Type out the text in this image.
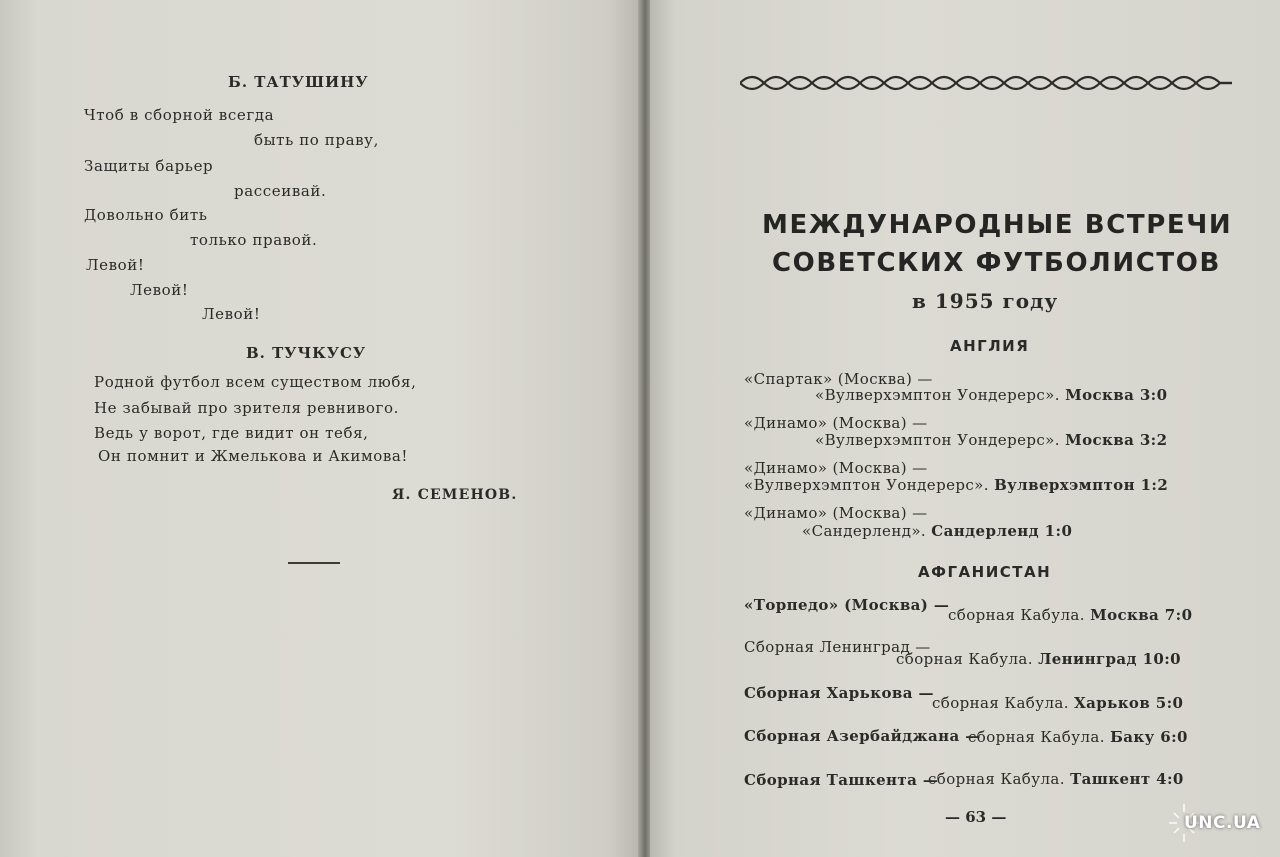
Б. ТАТУШИНУ
Чтоб в сборной всегда
быть по праву,
Защиты барьер
рассеивай.
Довольно бить
только правой.
Левой!
Левой!
Левой!
В. ТУЧКУСУ
Родной футбол всем существом любя,
Не забывай про зрителя ревнивого.
Ведь у ворот, где видит он тебя,
Он помнит и Жмелькова и Акимова!
Я. СЕМЕНОВ.
МЕЖДУНАРОДНЫЕ ВСТРЕЧИ
СОВЕТСКИХ ФУТБОЛИСТОВ
в 1955 году
АНГЛИЯ
«Спартак» (Москва) —
«Вулверхэмптон Уондерерс». Москва 3:0
«Динамо» (Москва) —
«Вулверхэмптон Уондерерс». Москва 3:2
«Динамо» (Москва) —
«Вулверхэмптон Уондерерс». Вулверхэмптон 1:2
«Динамо» (Москва) —
«Сандерленд». Сандерленд 1:0
АФГАНИСТАН
«Торпедо» (Москва) —
сборная Кабула. Москва 7:0
Сборная Ленинград —
сборная Кабула. Ленинград 10:0
Сборная Харькова —
сборная Кабула. Харьков 5:0
Сборная Азербайджана —
сборная Кабула. Баку 6:0
Сборная Ташкента —
сборная Кабула. Ташкент 4:0
— 63 —	UNC.UA
